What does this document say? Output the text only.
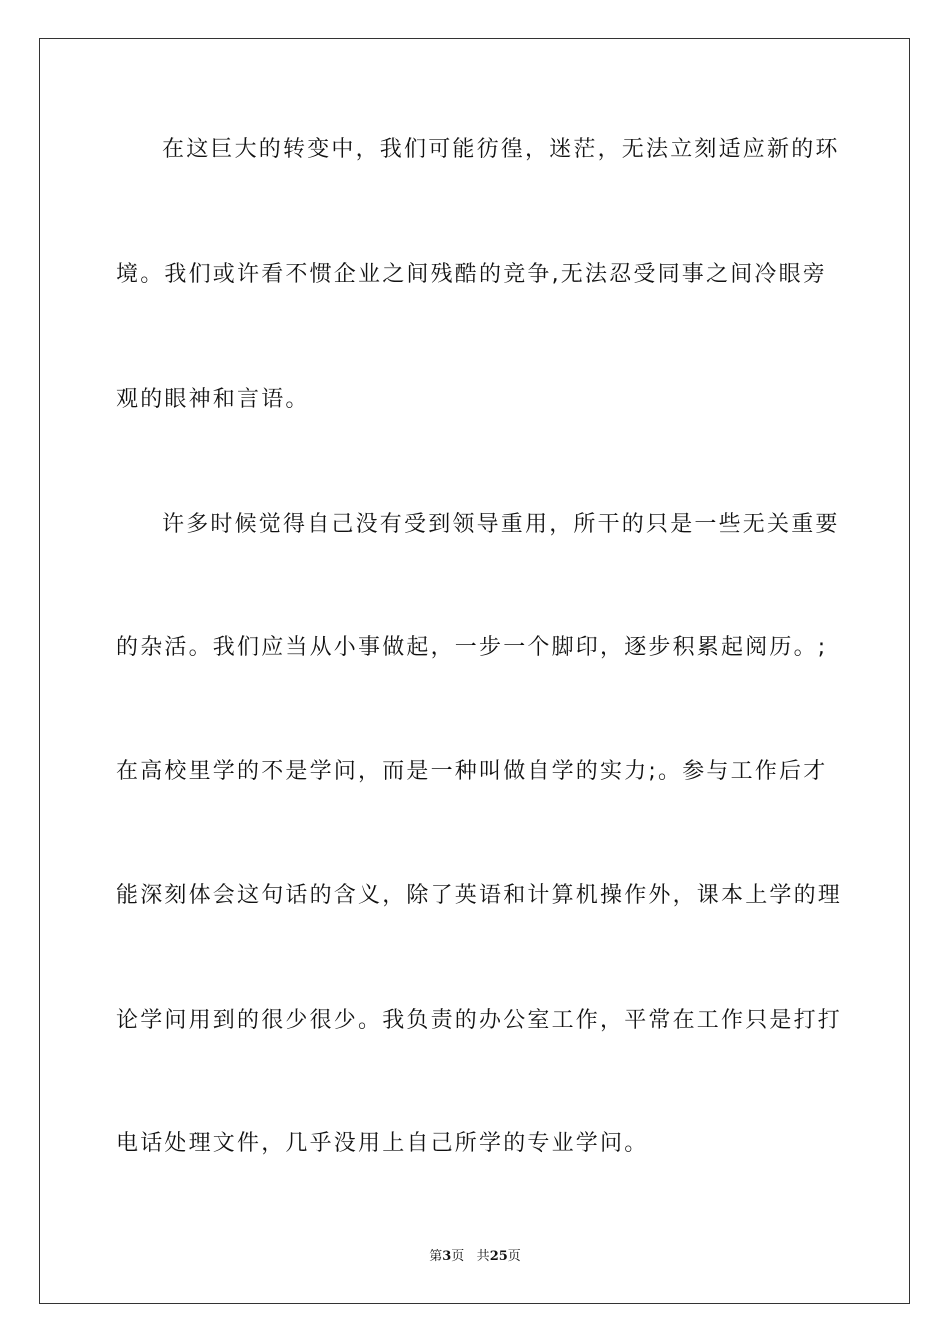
在这巨大的转变中，我们可能彷徨，迷茫，无法立刻适应新的环
境。我们或许看不惯企业之间残酷的竞争,无法忍受同事之间冷眼旁
观的眼神和言语。
许多时候觉得自己没有受到领导重用，所干的只是一些无关重要
的杂活。我们应当从小事做起，一步一个脚印，逐步积累起阅历。;
在高校里学的不是学问，而是一种叫做自学的实力;。参与工作后才
能深刻体会这句话的含义，除了英语和计算机操作外，课本上学的理
论学问用到的很少很少。我负责的办公室工作，平常在工作只是打打
电话处理文件，几乎没用上自己所学的专业学问。
第3页 共25页
